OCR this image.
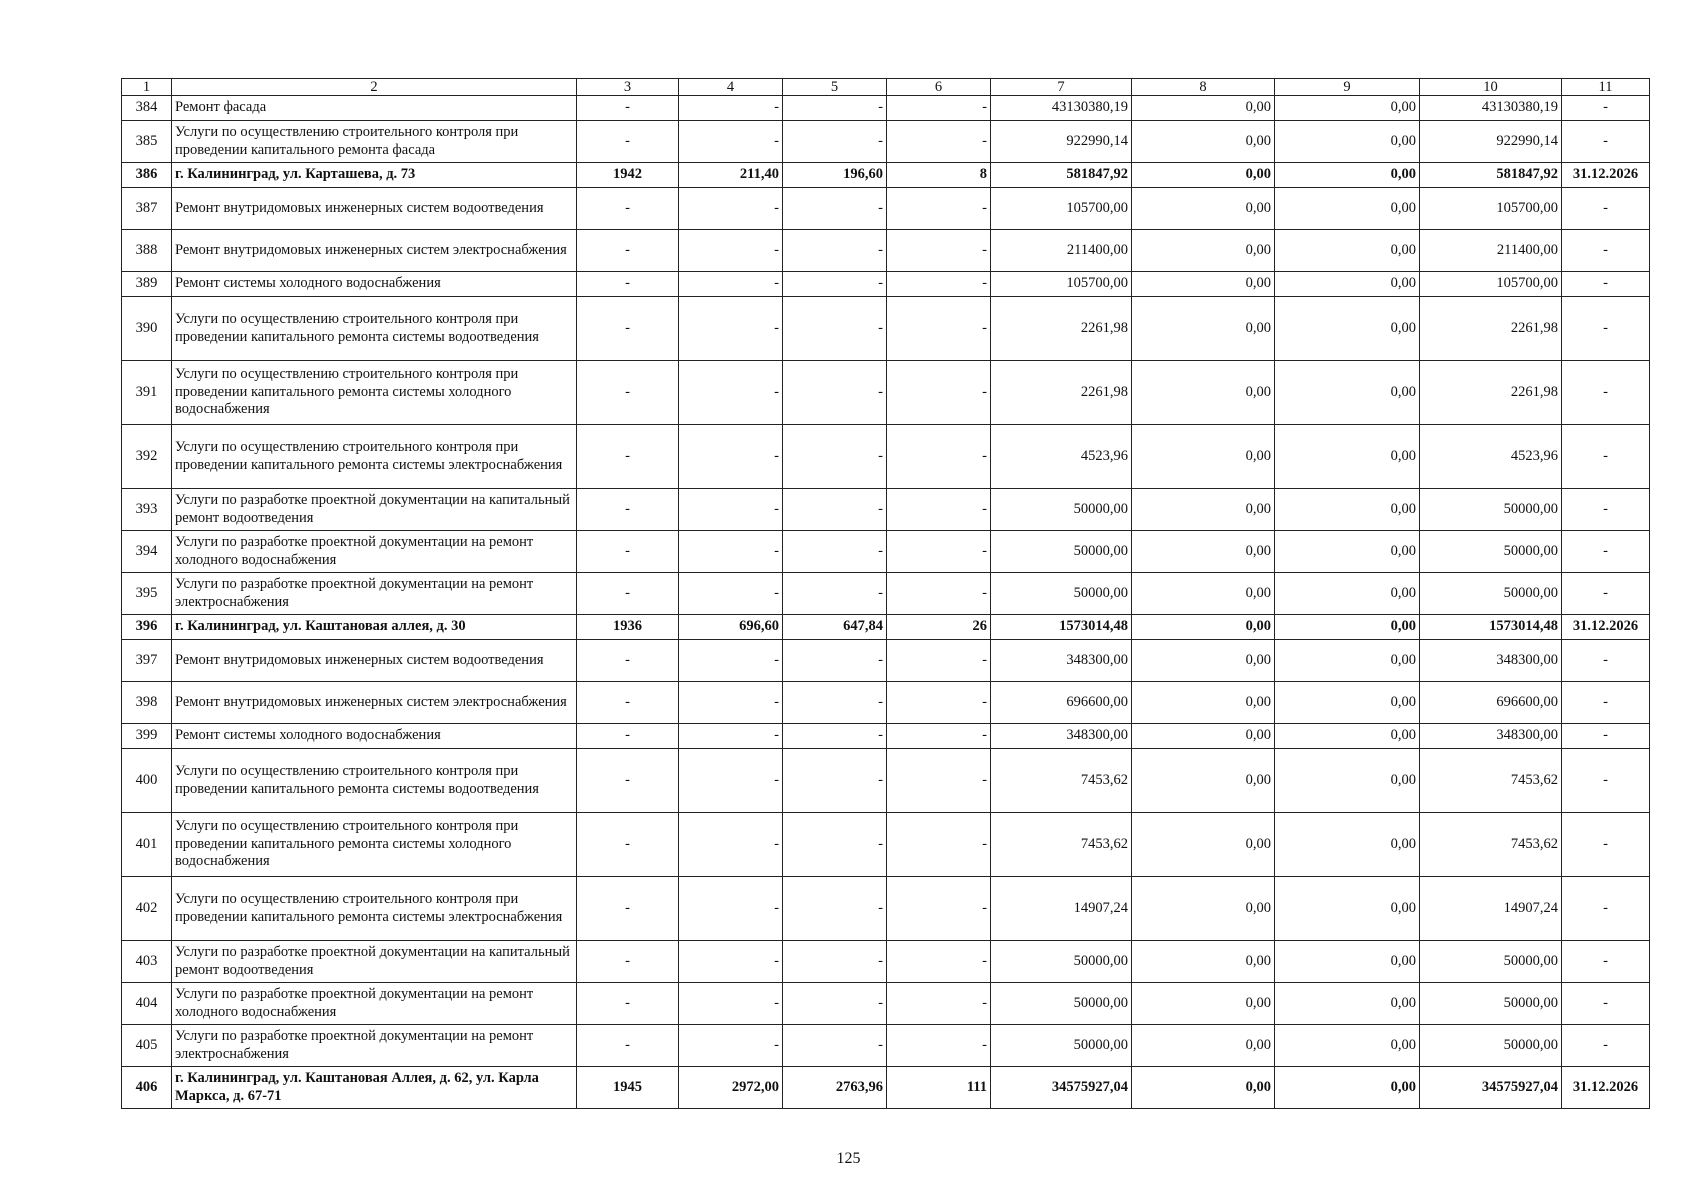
1	2	3	4	5	6	7	8	9	10	11
384	Ремонт фасада	-	-	-	-	43130380,19	0,00	0,00	43130380,19	-
385	Услуги по осуществлению строительного контроля при проведении капитального ремонта фасада	-	-	-	-	922990,14	0,00	0,00	922990,14	-
386	г. Калининград, ул. Карташева, д. 73	1942	211,40	196,60	8	581847,92	0,00	0,00	581847,92	31.12.2026
387	Ремонт внутридомовых инженерных систем водоотведения	-	-	-	-	105700,00	0,00	0,00	105700,00	-
388	Ремонт внутридомовых инженерных систем электроснабжения	-	-	-	-	211400,00	0,00	0,00	211400,00	-
389	Ремонт системы холодного водоснабжения	-	-	-	-	105700,00	0,00	0,00	105700,00	-
390	Услуги по осуществлению строительного контроля при проведении капитального ремонта системы водоотведения	-	-	-	-	2261,98	0,00	0,00	2261,98	-
391	Услуги по осуществлению строительного контроля при проведении капитального ремонта системы холодного водоснабжения	-	-	-	-	2261,98	0,00	0,00	2261,98	-
392	Услуги по осуществлению строительного контроля при проведении капитального ремонта системы электроснабжения	-	-	-	-	4523,96	0,00	0,00	4523,96	-
393	Услуги по разработке проектной документации на капитальный ремонт водоотведения	-	-	-	-	50000,00	0,00	0,00	50000,00	-
394	Услуги по разработке проектной документации на ремонт холодного водоснабжения	-	-	-	-	50000,00	0,00	0,00	50000,00	-
395	Услуги по разработке проектной документации на ремонт электроснабжения	-	-	-	-	50000,00	0,00	0,00	50000,00	-
396	г. Калининград, ул. Каштановая аллея, д. 30	1936	696,60	647,84	26	1573014,48	0,00	0,00	1573014,48	31.12.2026
397	Ремонт внутридомовых инженерных систем водоотведения	-	-	-	-	348300,00	0,00	0,00	348300,00	-
398	Ремонт внутридомовых инженерных систем электроснабжения	-	-	-	-	696600,00	0,00	0,00	696600,00	-
399	Ремонт системы холодного водоснабжения	-	-	-	-	348300,00	0,00	0,00	348300,00	-
400	Услуги по осуществлению строительного контроля при проведении капитального ремонта системы водоотведения	-	-	-	-	7453,62	0,00	0,00	7453,62	-
401	Услуги по осуществлению строительного контроля при проведении капитального ремонта системы холодного водоснабжения	-	-	-	-	7453,62	0,00	0,00	7453,62	-
402	Услуги по осуществлению строительного контроля при проведении капитального ремонта системы электроснабжения	-	-	-	-	14907,24	0,00	0,00	14907,24	-
403	Услуги по разработке проектной документации на капитальный ремонт водоотведения	-	-	-	-	50000,00	0,00	0,00	50000,00	-
404	Услуги по разработке проектной документации на ремонт холодного водоснабжения	-	-	-	-	50000,00	0,00	0,00	50000,00	-
405	Услуги по разработке проектной документации на ремонт электроснабжения	-	-	-	-	50000,00	0,00	0,00	50000,00	-
406	г. Калининград, ул. Каштановая Аллея, д. 62, ул. Карла Маркса, д. 67-71	1945	2972,00	2763,96	111	34575927,04	0,00	0,00	34575927,04	31.12.2026
125
